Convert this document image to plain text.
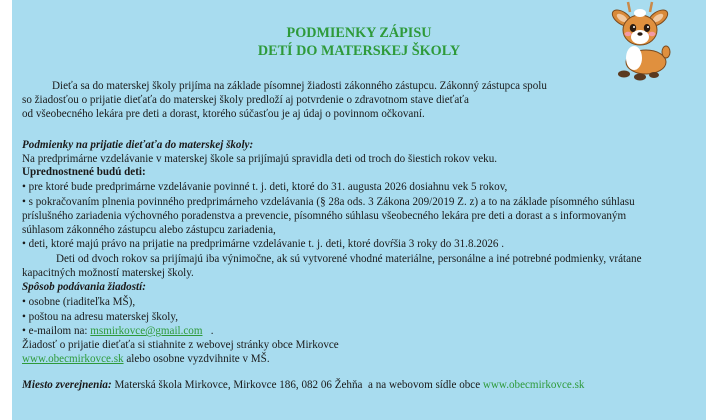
PODMIENKY ZÁPISU
DETÍ DO MATERSKEJ ŠKOLY
Dieťa sa do materskej školy prijíma na základe písomnej žiadosti zákonného zástupcu. Zákonný zástupca spolu
so žiadosťou o prijatie dieťaťa do materskej školy predloží aj potvrdenie o zdravotnom stave dieťaťa
od všeobecného lekára pre deti a dorast, ktorého súčasťou je aj údaj o povinnom očkovaní.
Podmienky na prijatie dieťaťa do materskej školy:
Na predprimárne vzdelávanie v materskej škole sa prijímajú spravidla deti od troch do šiestich rokov veku.
Uprednostnené budú deti:
• pre ktoré bude predprimárne vzdelávanie povinné t. j. deti, ktoré do 31. augusta 2026 dosiahnu vek 5 rokov,
• s pokračovaním plnenia povinného predprimárneho vzdelávania (§ 28a ods. 3 Zákona 209/2019 Z. z) a to na základe písomného súhlasu
príslušného zariadenia výchovného poradenstva a prevencie, písomného súhlasu všeobecného lekára pre deti a dorast a s informovaným
súhlasom zákonného zástupcu alebo zástupcu zariadenia,
• deti, ktoré majú právo na prijatie na predprimárne vzdelávanie t. j. deti, ktoré dovŕšia 3 roky do 31.8.2026 .
Deti od dvoch rokov sa prijímajú iba výnimočne, ak sú vytvorené vhodné materiálne, personálne a iné potrebné podmienky, vrátane
kapacitných možností materskej školy.
Spôsob podávania žiadostí:
• osobne (riaditeľka MŠ),
• poštou na adresu materskej školy,
• e-mailom na: msmirkovce@gmail.com   .
Žiadosť o prijatie dieťaťa si stiahnite z webovej stránky obce Mirkovce
www.obecmirkovce.sk alebo osobne vyzdvihnite v MŠ.
Miesto zverejnenia: Materská škola Mirkovce, Mirkovce 186, 082 06 Žehňa  a na webovom sídle obce www.obecmirkovce.sk
